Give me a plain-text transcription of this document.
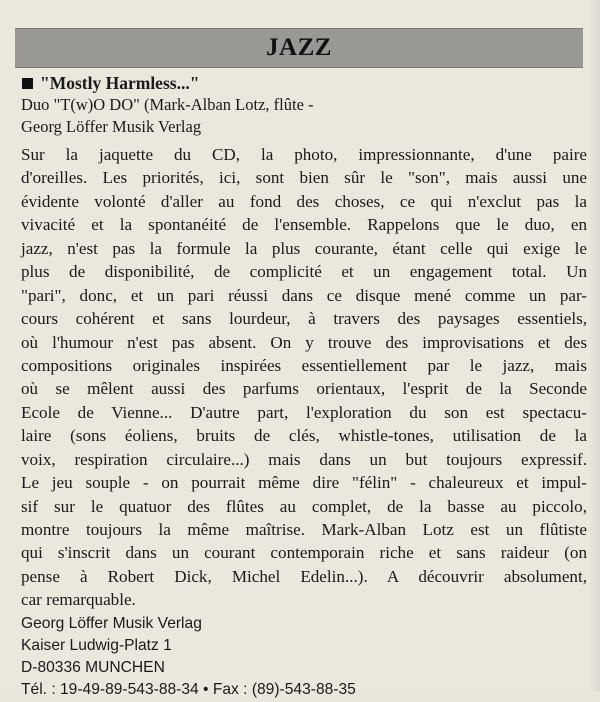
JAZZ
"Mostly Harmless..."
Duo "T(w)O DO" (Mark-Alban Lotz, flûte -
Georg Löffer Musik Verlag
Sur la jaquette du CD, la photo, impressionnante, d'une paire
d'oreilles. Les priorités, ici, sont bien sûr le "son", mais aussi une
évidente volonté d'aller au fond des choses, ce qui n'exclut pas la
vivacité et la spontanéité de l'ensemble. Rappelons que le duo, en
jazz, n'est pas la formule la plus courante, étant celle qui exige le
plus de disponibilité, de complicité et un engagement total. Un
"pari", donc, et un pari réussi dans ce disque mené comme un par-
cours cohérent et sans lourdeur, à travers des paysages essentiels,
où l'humour n'est pas absent. On y trouve des improvisations et des
compositions originales inspirées essentiellement par le jazz, mais
où se mêlent aussi des parfums orientaux, l'esprit de la Seconde
Ecole de Vienne... D'autre part, l'exploration du son est spectacu-
laire (sons éoliens, bruits de clés, whistle-tones, utilisation de la
voix, respiration circulaire...) mais dans un but toujours expressif.
Le jeu souple - on pourrait même dire "félin" - chaleureux et impul-
sif sur le quatuor des flûtes au complet, de la basse au piccolo,
montre toujours la même maîtrise. Mark-Alban Lotz est un flûtiste
qui s'inscrit dans un courant contemporain riche et sans raideur (on
pense à Robert Dick, Michel Edelin...). A découvrir absolument,
car remarquable.
Georg Löffer Musik Verlag
Kaiser Ludwig-Platz 1
D-80336 MUNCHEN
Tél. : 19-49-89-543-88-34 • Fax : (89)-543-88-35
